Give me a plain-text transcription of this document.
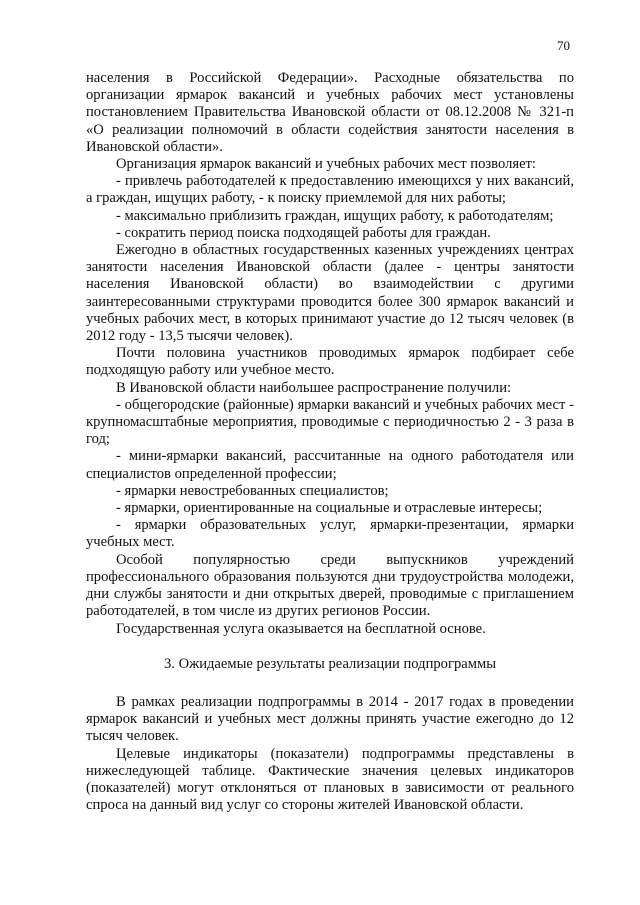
70

населения в Российской Федерации». Расходные обязательства по организации ярмарок вакансий и учебных рабочих мест установлены постановлением Правительства Ивановской области от 08.12.2008 № 321-п «О реализации полномочий в области содействия занятости населения в Ивановской области».

Организация ярмарок вакансий и учебных рабочих мест позволяет:

- привлечь работодателей к предоставлению имеющихся у них вакансий, а граждан, ищущих работу, - к поиску приемлемой для них работы;

- максимально приблизить граждан, ищущих работу, к работодателям;

- сократить период поиска подходящей работы для граждан.

Ежегодно в областных государственных казенных учреждениях центрах занятости населения Ивановской области (далее - центры занятости населения Ивановской области) во взаимодействии с другими заинтересованными структурами проводится более 300 ярмарок вакансий и учебных рабочих мест, в которых принимают участие до 12 тысяч человек (в 2012 году - 13,5 тысячи человек).

Почти половина участников проводимых ярмарок подбирает себе подходящую работу или учебное место.

В Ивановской области наибольшее распространение получили:

- общегородские (районные) ярмарки вакансий и учебных рабочих мест - крупномасштабные мероприятия, проводимые с периодичностью 2 - 3 раза в год;

- мини-ярмарки вакансий, рассчитанные на одного работодателя или специалистов определенной профессии;

- ярмарки невостребованных специалистов;

- ярмарки, ориентированные на социальные и отраслевые интересы;

- ярмарки образовательных услуг, ярмарки-презентации, ярмарки учебных мест.

Особой популярностью среди выпускников учреждений профессионального образования пользуются дни трудоустройства молодежи, дни службы занятости и дни открытых дверей, проводимые с приглашением работодателей, в том числе из других регионов России.

Государственная услуга оказывается на бесплатной основе.

3. Ожидаемые результаты реализации подпрограммы

В рамках реализации подпрограммы в 2014 - 2017 годах в проведении ярмарок вакансий и учебных мест должны принять участие ежегодно до 12 тысяч человек.

Целевые индикаторы (показатели) подпрограммы представлены в нижеследующей таблице. Фактические значения целевых индикаторов (показателей) могут отклоняться от плановых в зависимости от реального спроса на данный вид услуг со стороны жителей Ивановской области.
